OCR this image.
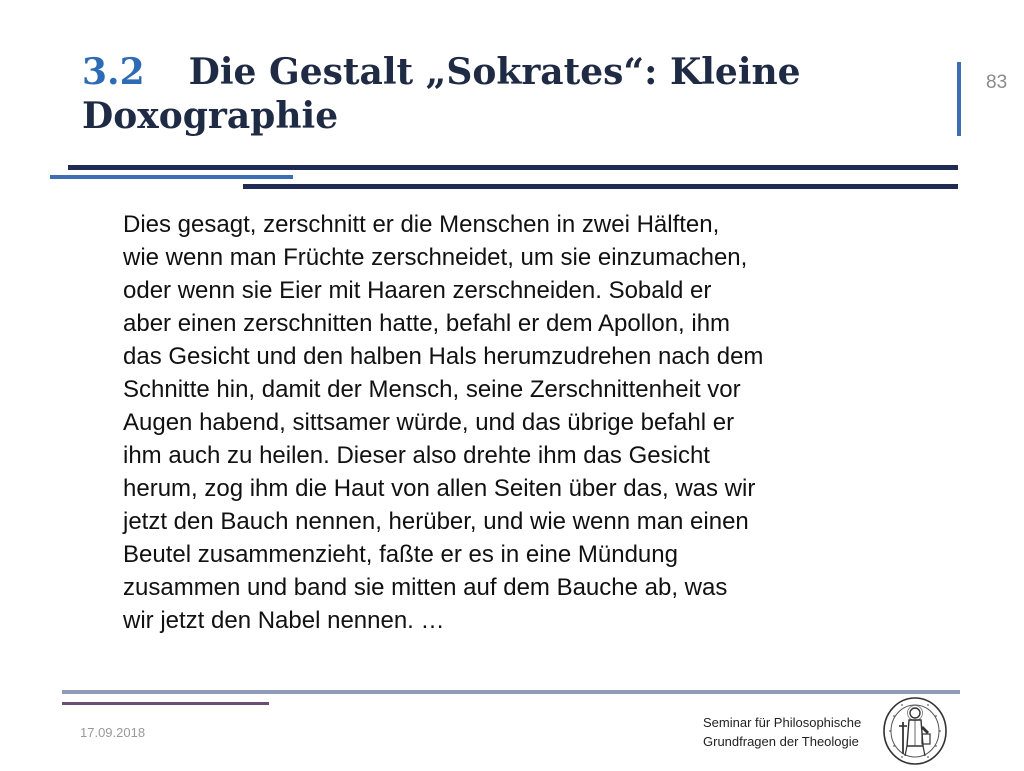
3.2 Die Gestalt „Sokrates“: Kleine
Doxographie
83
Dies gesagt, zerschnitt er die Menschen in zwei Hälften,
wie wenn man Früchte zerschneidet, um sie einzumachen,
oder wenn sie Eier mit Haaren zerschneiden. Sobald er
aber einen zerschnitten hatte, befahl er dem Apollon, ihm
das Gesicht und den halben Hals herumzudrehen nach dem
Schnitte hin, damit der Mensch, seine Zerschnittenheit vor
Augen habend, sittsamer würde, und das übrige befahl er
ihm auch zu heilen. Dieser also drehte ihm das Gesicht
herum, zog ihm die Haut von allen Seiten über das, was wir
jetzt den Bauch nennen, herüber, und wie wenn man einen
Beutel zusammenzieht, faßte er es in eine Mündung
zusammen und band sie mitten auf dem Bauche ab, was
wir jetzt den Nabel nennen. …
17.09.2018
Seminar für Philosophische
Grundfragen der Theologie
